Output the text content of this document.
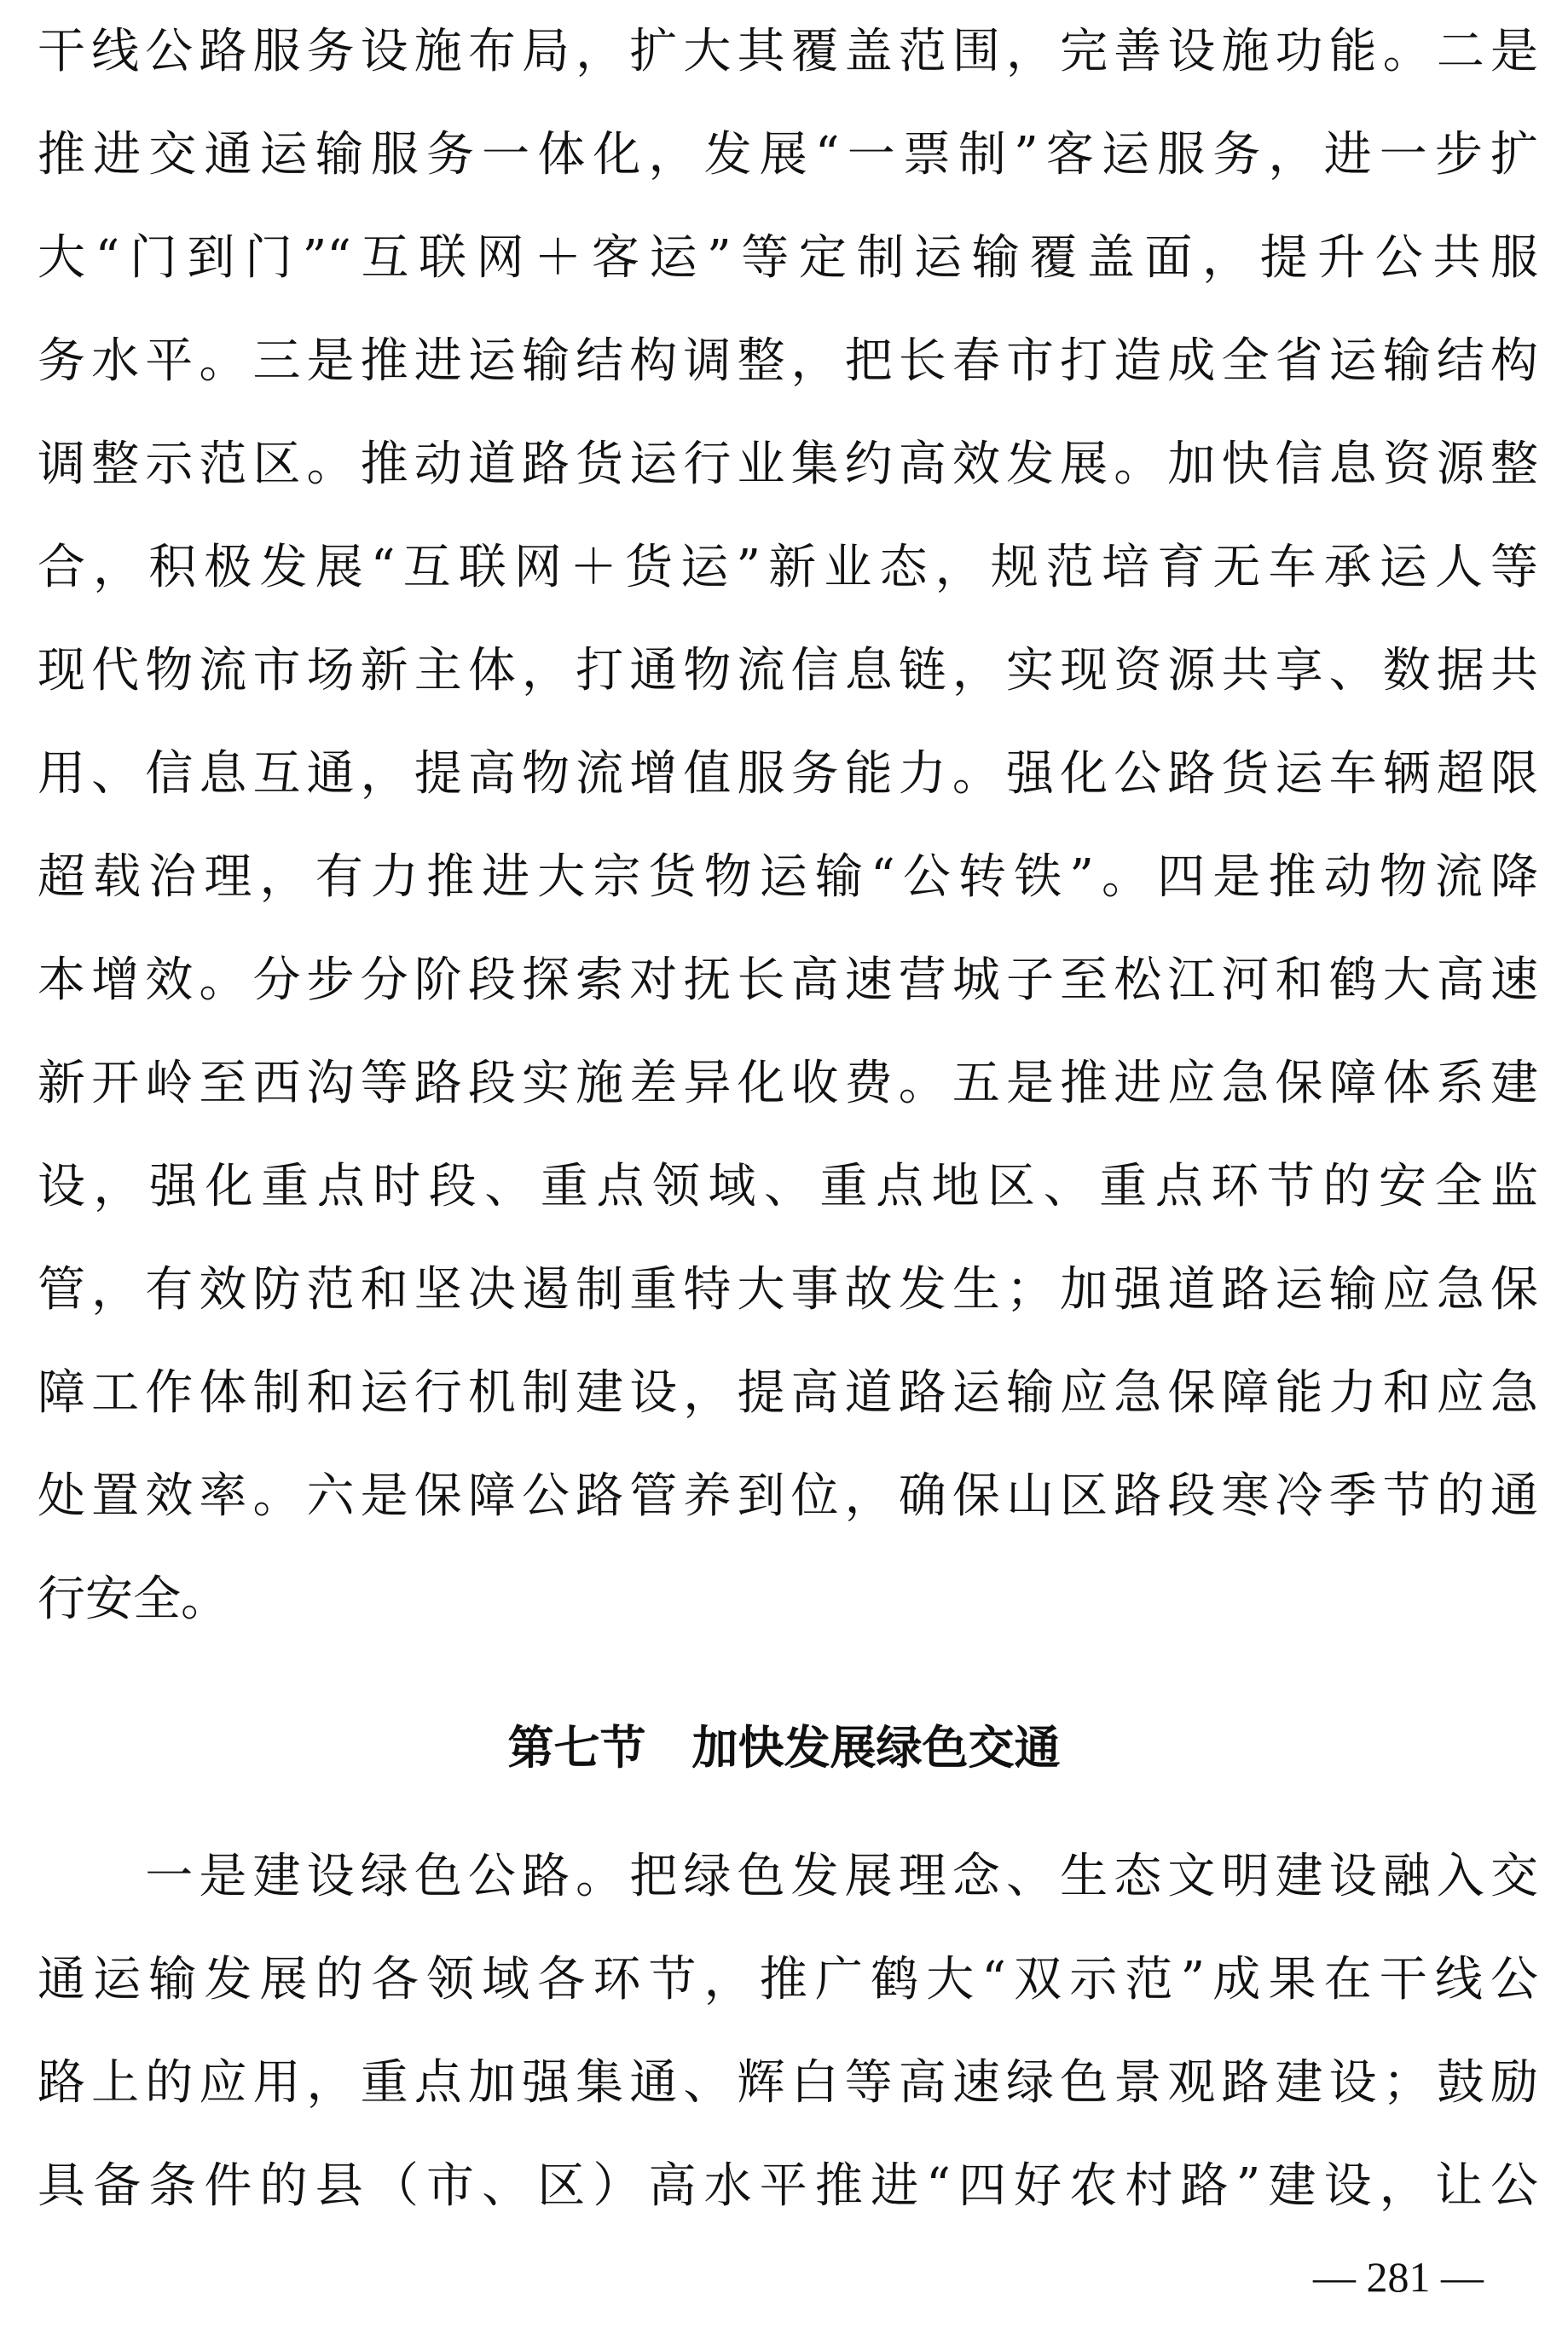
干线公路服务设施布局，扩大其覆盖范围，完善设施功能。二是
推进交通运输服务一体化，发展“一票制”客运服务，进一步扩
大“门到门”“互联网＋客运”等定制运输覆盖面，提升公共服
务水平。三是推进运输结构调整，把长春市打造成全省运输结构
调整示范区。推动道路货运行业集约高效发展。加快信息资源整
合，积极发展“互联网＋货运”新业态，规范培育无车承运人等
现代物流市场新主体，打通物流信息链，实现资源共享、数据共
用、信息互通，提高物流增值服务能力。强化公路货运车辆超限
超载治理，有力推进大宗货物运输“公转铁”。四是推动物流降
本增效。分步分阶段探索对抚长高速营城子至松江河和鹤大高速
新开岭至西沟等路段实施差异化收费。五是推进应急保障体系建
设，强化重点时段、重点领域、重点地区、重点环节的安全监
管，有效防范和坚决遏制重特大事故发生；加强道路运输应急保
障工作体制和运行机制建设，提高道路运输应急保障能力和应急
处置效率。六是保障公路管养到位，确保山区路段寒冷季节的通
行安全。
第七节　加快发展绿色交通
　　一是建设绿色公路。把绿色发展理念、生态文明建设融入交
通运输发展的各领域各环节，推广鹤大“双示范”成果在干线公
路上的应用，重点加强集通、辉白等高速绿色景观路建设；鼓励
具备条件的县（市、区）高水平推进“四好农村路”建设，让公
— 281 —
